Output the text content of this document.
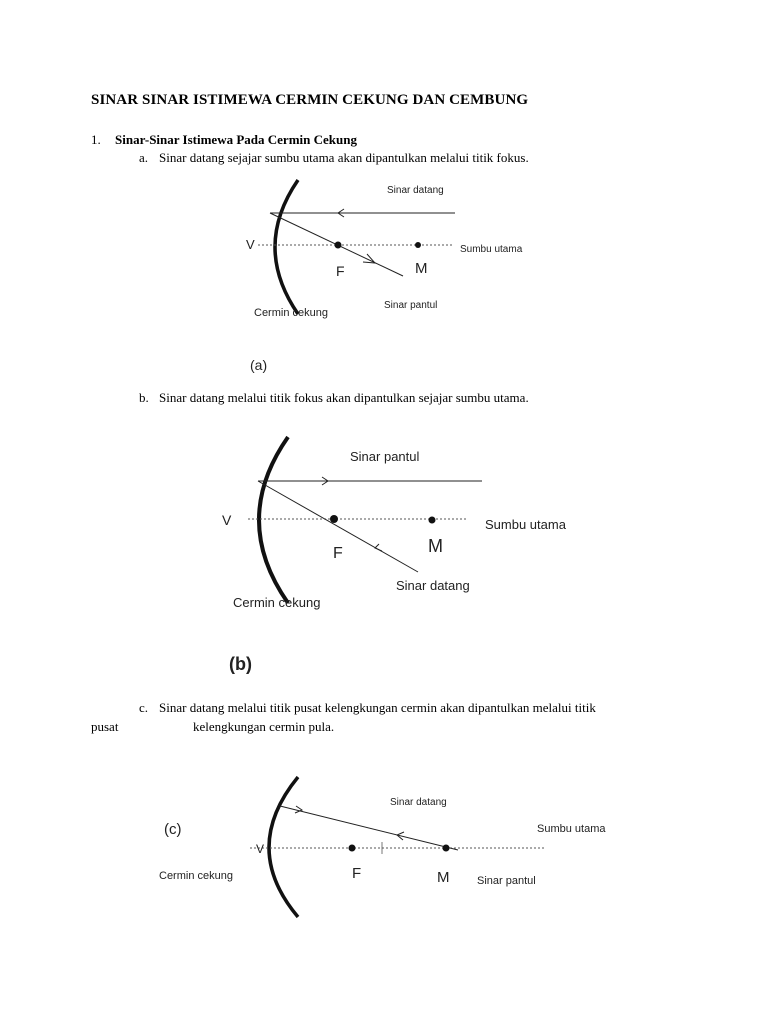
SINAR SINAR ISTIMEWA CERMIN CEKUNG DAN CEMBUNG
1. Sinar-Sinar Istimewa Pada Cermin Cekung
a. Sinar datang sejajar sumbu utama akan dipantulkan melalui titik fokus.
b. Sinar datang melalui titik fokus akan dipantulkan sejajar sumbu utama.
c. Sinar datang melalui titik pusat kelengkungan cermin akan dipantulkan melalui titik
pusat	kelengkungan cermin pula.
Sinar datang
V	Sumbu utama
F	M
Sinar pantul
Cermin cekung
(a)
Sinar pantul
V	Sumbu utama
F	M
Sinar datang
Cermin cekung
(b)
Sinar datang
(c)	Sumbu utama
V
Cermin cekung	F	M	Sinar pantul
